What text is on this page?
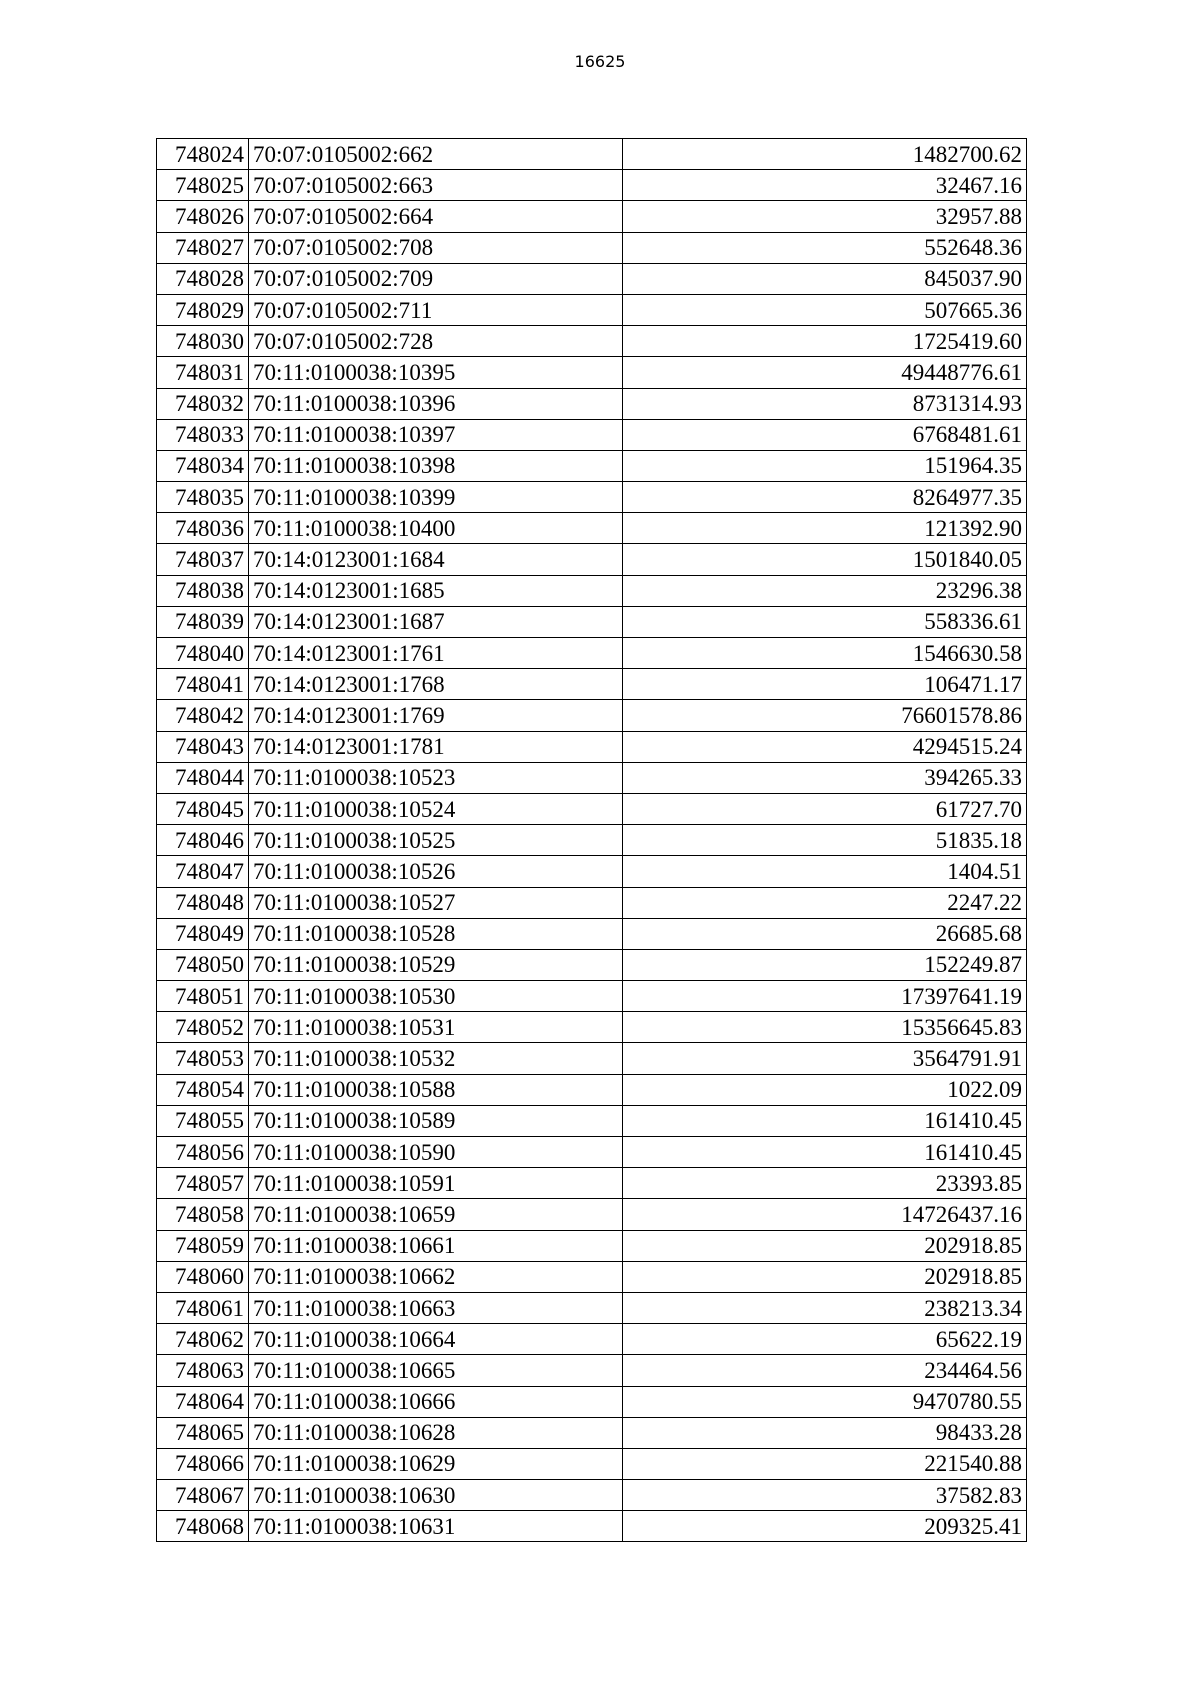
16625
748024	70:07:0105002:662	1482700.62
748025	70:07:0105002:663	32467.16
748026	70:07:0105002:664	32957.88
748027	70:07:0105002:708	552648.36
748028	70:07:0105002:709	845037.90
748029	70:07:0105002:711	507665.36
748030	70:07:0105002:728	1725419.60
748031	70:11:0100038:10395	49448776.61
748032	70:11:0100038:10396	8731314.93
748033	70:11:0100038:10397	6768481.61
748034	70:11:0100038:10398	151964.35
748035	70:11:0100038:10399	8264977.35
748036	70:11:0100038:10400	121392.90
748037	70:14:0123001:1684	1501840.05
748038	70:14:0123001:1685	23296.38
748039	70:14:0123001:1687	558336.61
748040	70:14:0123001:1761	1546630.58
748041	70:14:0123001:1768	106471.17
748042	70:14:0123001:1769	76601578.86
748043	70:14:0123001:1781	4294515.24
748044	70:11:0100038:10523	394265.33
748045	70:11:0100038:10524	61727.70
748046	70:11:0100038:10525	51835.18
748047	70:11:0100038:10526	1404.51
748048	70:11:0100038:10527	2247.22
748049	70:11:0100038:10528	26685.68
748050	70:11:0100038:10529	152249.87
748051	70:11:0100038:10530	17397641.19
748052	70:11:0100038:10531	15356645.83
748053	70:11:0100038:10532	3564791.91
748054	70:11:0100038:10588	1022.09
748055	70:11:0100038:10589	161410.45
748056	70:11:0100038:10590	161410.45
748057	70:11:0100038:10591	23393.85
748058	70:11:0100038:10659	14726437.16
748059	70:11:0100038:10661	202918.85
748060	70:11:0100038:10662	202918.85
748061	70:11:0100038:10663	238213.34
748062	70:11:0100038:10664	65622.19
748063	70:11:0100038:10665	234464.56
748064	70:11:0100038:10666	9470780.55
748065	70:11:0100038:10628	98433.28
748066	70:11:0100038:10629	221540.88
748067	70:11:0100038:10630	37582.83
748068	70:11:0100038:10631	209325.41
